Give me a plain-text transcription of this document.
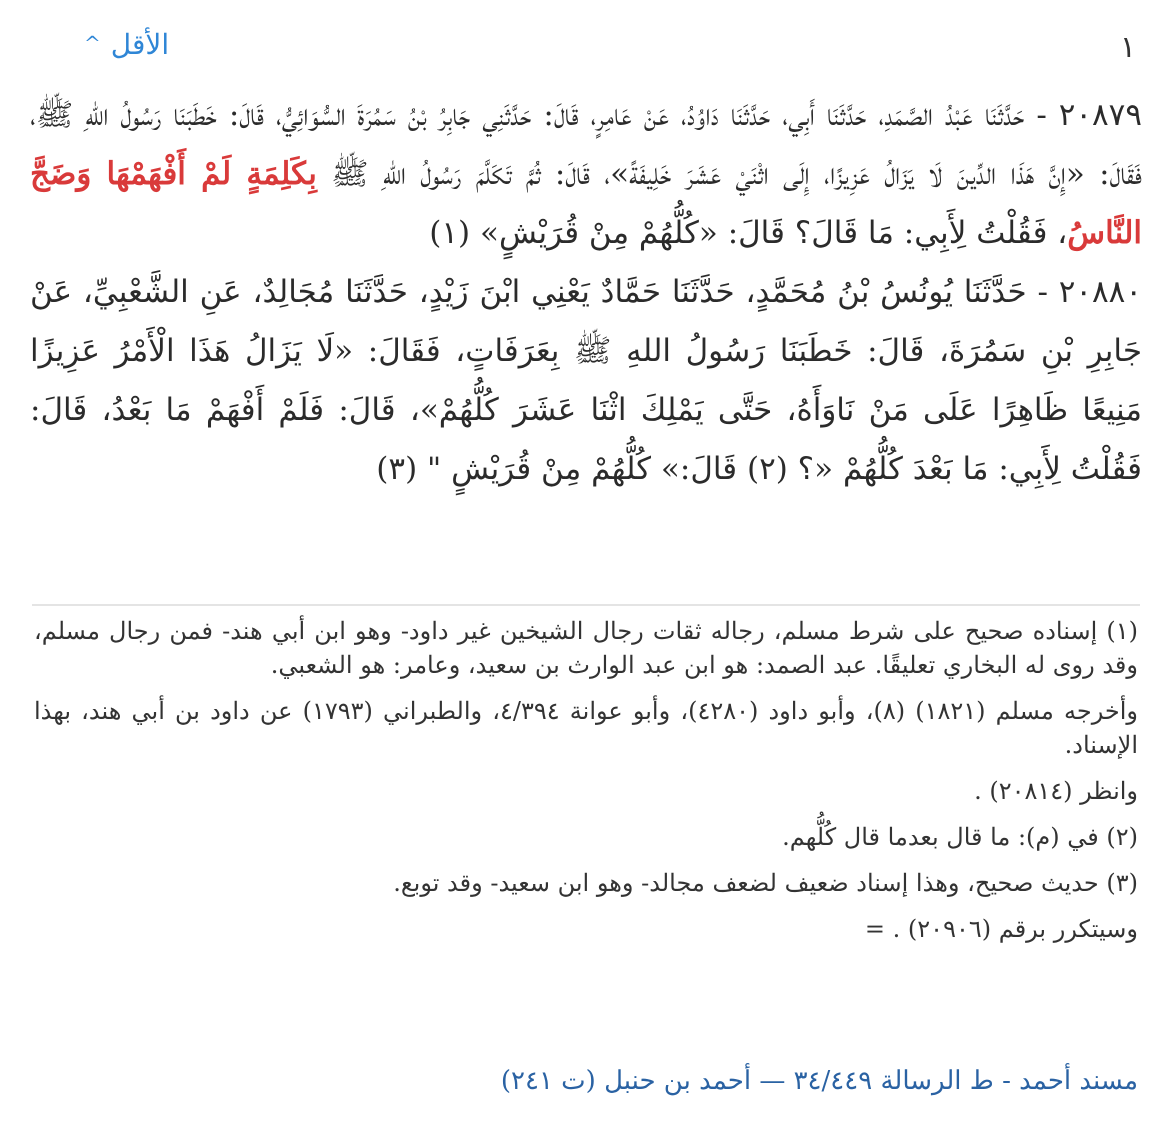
١
الأقل
^

٢٠٨٧٩ - حَدَّثَنَا عَبْدُ الصَّمَدِ، حَدَّثَنَا أَبِي، حَدَّثَنَا دَاوُدُ، عَنْ عَامِرٍ، قَالَ: حَدَّثَنِي جَابِرُ بْنُ سَمُرَةَ السُّوَائِيُّ، قَالَ: خَطَبَنَا رَسُولُ اللهِ ﷺ، فَقَالَ: «إِنَّ هَذَا الدِّينَ لَا يَزَالُ عَزِيزًا، إِلَى اثْنَيْ عَشَرَ خَلِيفَةً»، قَالَ: ثُمَّ تَكَلَّمَ رَسُولُ اللهِ ﷺ بِكَلِمَةٍ لَمْ أَفْهَمْهَا وَضَجَّ النَّاسُ، فَقُلْتُ لِأَبِي: مَا قَالَ؟ قَالَ: «كُلُّهُمْ مِنْ قُرَيْشٍ» (١)

٢٠٨٨٠ - حَدَّثَنَا يُونُسُ بْنُ مُحَمَّدٍ، حَدَّثَنَا حَمَّادٌ يَعْنِي ابْنَ زَيْدٍ، حَدَّثَنَا مُجَالِدٌ، عَنِ الشَّعْبِيِّ، عَنْ جَابِرِ بْنِ سَمُرَةَ، قَالَ: خَطَبَنَا رَسُولُ اللهِ ﷺ بِعَرَفَاتٍ، فَقَالَ: «لَا يَزَالُ هَذَا الْأَمْرُ عَزِيزًا مَنِيعًا ظَاهِرًا عَلَى مَنْ نَاوَأَهُ، حَتَّى يَمْلِكَ اثْنَا عَشَرَ كُلُّهُمْ»، قَالَ: فَلَمْ أَفْهَمْ مَا بَعْدُ، قَالَ: فَقُلْتُ لِأَبِي: مَا بَعْدَ كُلُّهُمْ «؟ (٢) قَالَ:» كُلُّهُمْ مِنْ قُرَيْشٍ " (٣)

(١) إسناده صحيح على شرط مسلم، رجاله ثقات رجال الشيخين غير داود- وهو ابن أبي هند- فمن رجال مسلم، وقد روى له البخاري تعليقًا. عبد الصمد: هو ابن عبد الوارث بن سعيد، وعامر: هو الشعبي.

وأخرجه مسلم (١٨٢١) (٨)، وأبو داود (٤٢٨٠)، وأبو عوانة ٤/٣٩٤، والطبراني (١٧٩٣) عن داود بن أبي هند، بهذا الإسناد.

وانظر (٢٠٨١٤) .

(٢) في (م): ما قال بعدما قال كُلُّهم.

(٣) حديث صحيح، وهذا إسناد ضعيف لضعف مجالد- وهو ابن سعيد- وقد توبع.

وسيتكرر برقم (٢٠٩٠٦) . =

مسند أحمد - ط الرسالة ٣٤/٤٤٩ — أحمد بن حنبل (ت ٢٤١)
